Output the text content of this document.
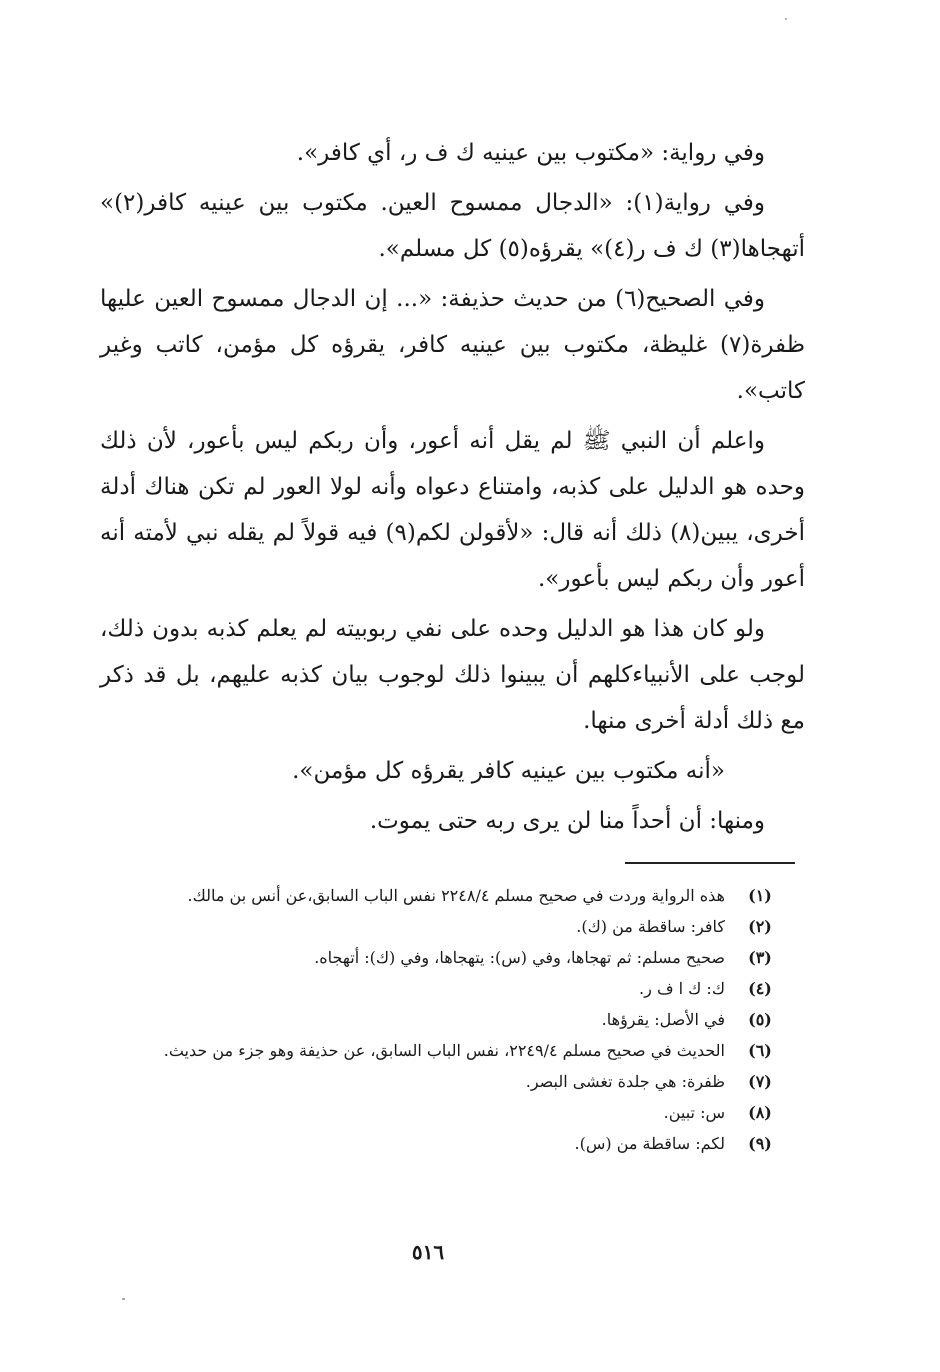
وفي رواية: «مكتوب بين عينيه ك ف ر، أي كافر».

وفي رواية(١): «الدجال ممسوح العين. مكتوب بين عينيه كافر(٢)» أتهجاها(٣) ك ف ر(٤)» يقرؤه(٥) كل مسلم».

وفي الصحيح(٦) من حديث حذيفة: «... إن الدجال ممسوح العين عليها ظفرة(٧) غليظة، مكتوب بين عينيه كافر، يقرؤه كل مؤمن، كاتب وغير كاتب».

واعلم أن النبي ﷺ لم يقل أنه أعور، وأن ربكم ليس بأعور، لأن ذلك وحده هو الدليل على كذبه، وامتناع دعواه وأنه لولا العور لم تكن هناك أدلة أخرى، يبين(٨) ذلك أنه قال: «لأقولن لكم(٩) فيه قولاً لم يقله نبي لأمته أنه أعور وأن ربكم ليس بأعور».

ولو كان هذا هو الدليل وحده على نفي ربوبيته لم يعلم كذبه بدون ذلك، لوجب على الأنبياءكلهم أن يبينوا ذلك لوجوب بيان كذبه عليهم، بل قد ذكر مع ذلك أدلة أخرى منها.

«أنه مكتوب بين عينيه كافر يقرؤه كل مؤمن».

ومنها: أن أحداً منا لن يرى ربه حتى يموت.

(١)
هذه الرواية وردت في صحيح مسلم ٢٢٤٨/٤ نفس الباب السابق،عن أنس بن مالك.
(٢)
كافر: ساقطة من (ك).
(٣)
صحيح مسلم: ثم تهجاها، وفي (س): يتهجاها، وفي (ك): أتهجاه.
(٤)
ك: ك ا ف ر.
(٥)
في الأصل: يقرؤها.
(٦)
الحديث في صحيح مسلم ٢٢٤٩/٤، نفس الباب السابق، عن حذيفة وهو جزء من حديث.
(٧)
ظفرة: هي جلدة تغشى البصر.
(٨)
س: تبين.
(٩)
لكم: ساقطة من (س).
٥١٦
